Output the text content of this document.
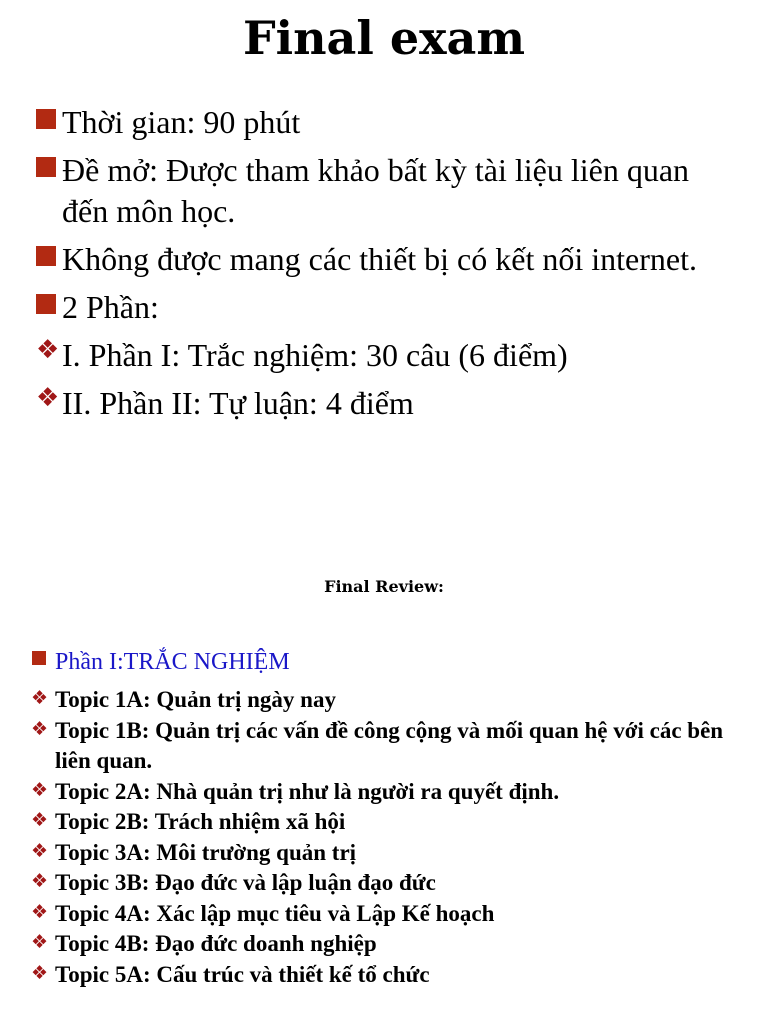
Final exam
Thời gian: 90 phút
Đề mở: Được tham khảo bất kỳ tài liệu liên quan đến môn học.
Không được mang các thiết bị có kết nối internet.
2 Phần:
❖ I. Phần I: Trắc nghiệm: 30 câu (6 điểm)
❖ II. Phần II: Tự luận: 4 điểm

Final Review:

Phần I:TRẮC NGHIỆM

❖ Topic 1A: Quản trị ngày nay
❖ Topic 1B: Quản trị các vấn đề công cộng và mối quan hệ với các bên liên quan.
❖ Topic 2A: Nhà quản trị như là người ra quyết định.
❖ Topic 2B: Trách nhiệm xã hội
❖ Topic 3A: Môi trường quản trị
❖ Topic 3B: Đạo đức và lập luận đạo đức
❖ Topic 4A: Xác lập mục tiêu và Lập Kế hoạch
❖ Topic 4B: Đạo đức doanh nghiệp
❖ Topic 5A: Cấu trúc và thiết kế tổ chức
